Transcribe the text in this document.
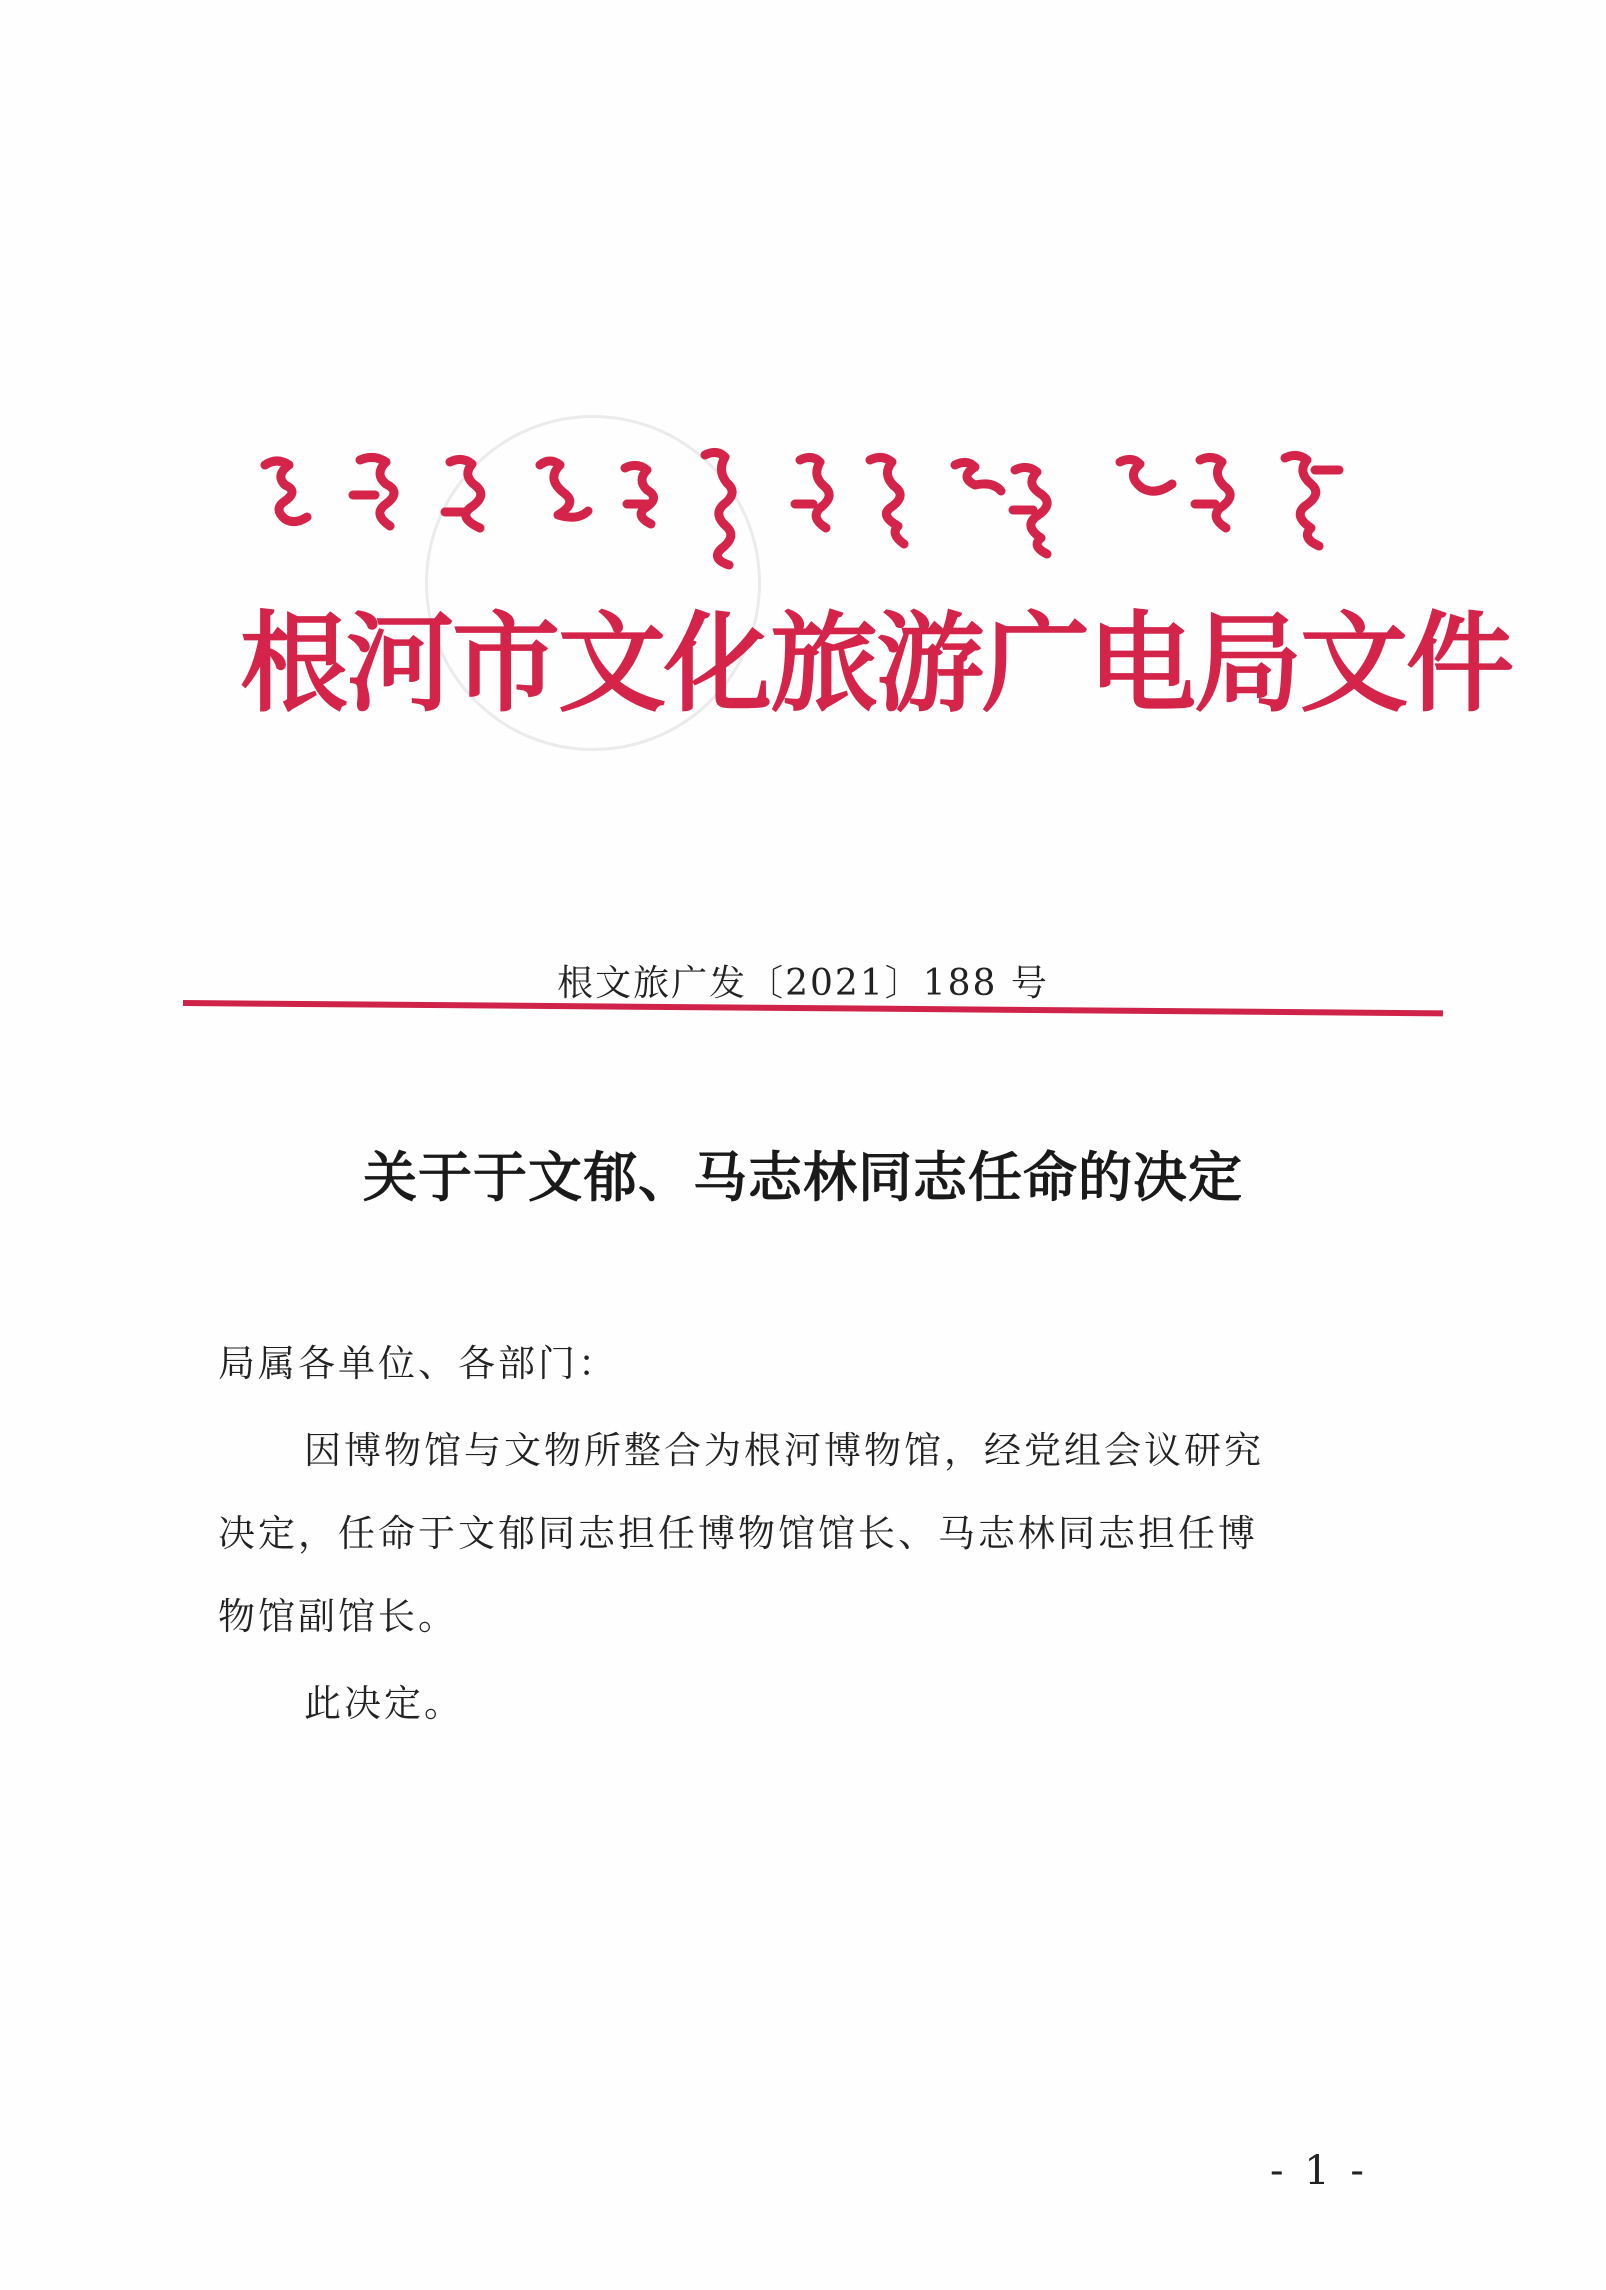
根河市文化旅游广电局文件
根文旅广发〔2021〕188 号
关于于文郁、马志林同志任命的决定
局属各单位、各部门：
因博物馆与文物所整合为根河博物馆，经党组会议研究
决定，任命于文郁同志担任博物馆馆长、马志林同志担任博
物馆副馆长。
此决定。
- 1 -
